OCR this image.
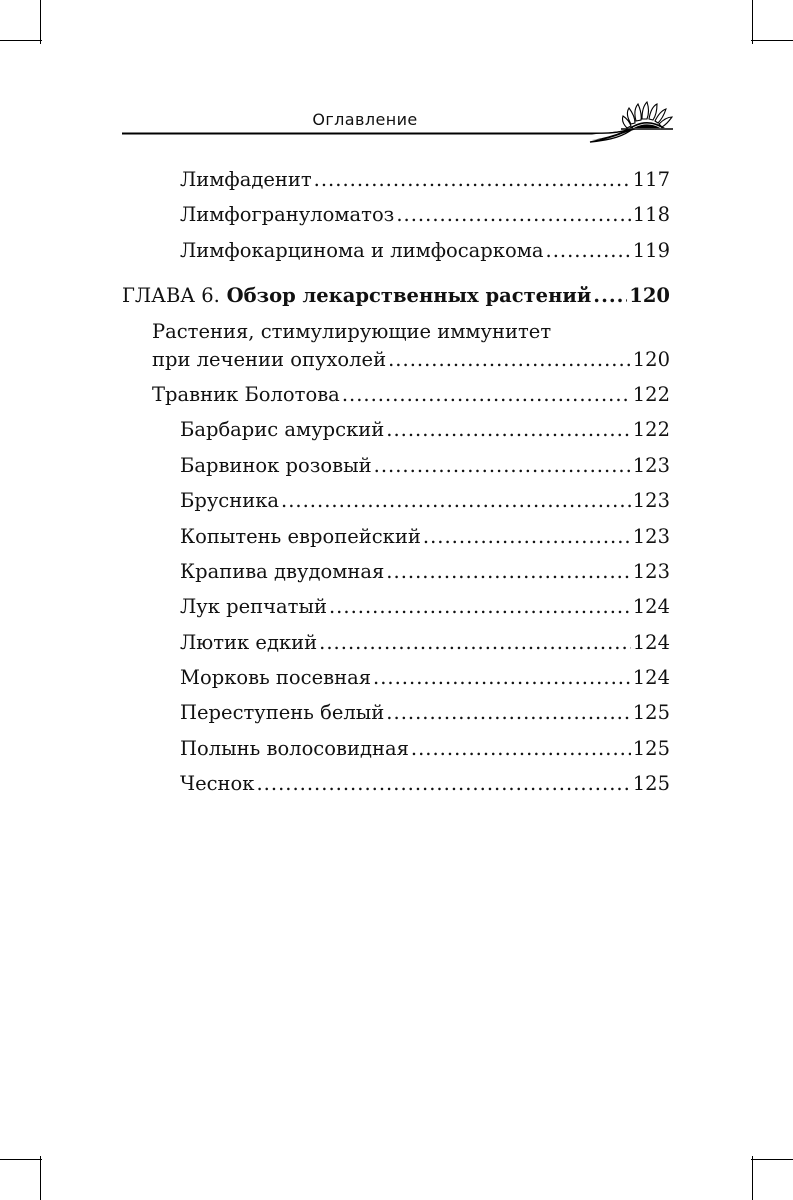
Оглавление
Лимфаденит .....	117
Лимфогрануломатоз .....	118
Лимфокарцинома и лимфосаркома .....	119
ГЛАВА 6. Обзор лекарственных растений ..... 120
Растения, стимулирующие иммунитет
при лечении опухолей .....	120
Травник Болотова .....	122
Барбарис амурский .....	122
Барвинок розовый .....	123
Брусника .....	123
Копытень европейский .....	123
Крапива двудомная .....	123
Лук репчатый .....	124
Лютик едкий .....	124
Морковь посевная .....	124
Переступень белый .....	125
Полынь волосовидная .....	125
Чеснок .....	125
